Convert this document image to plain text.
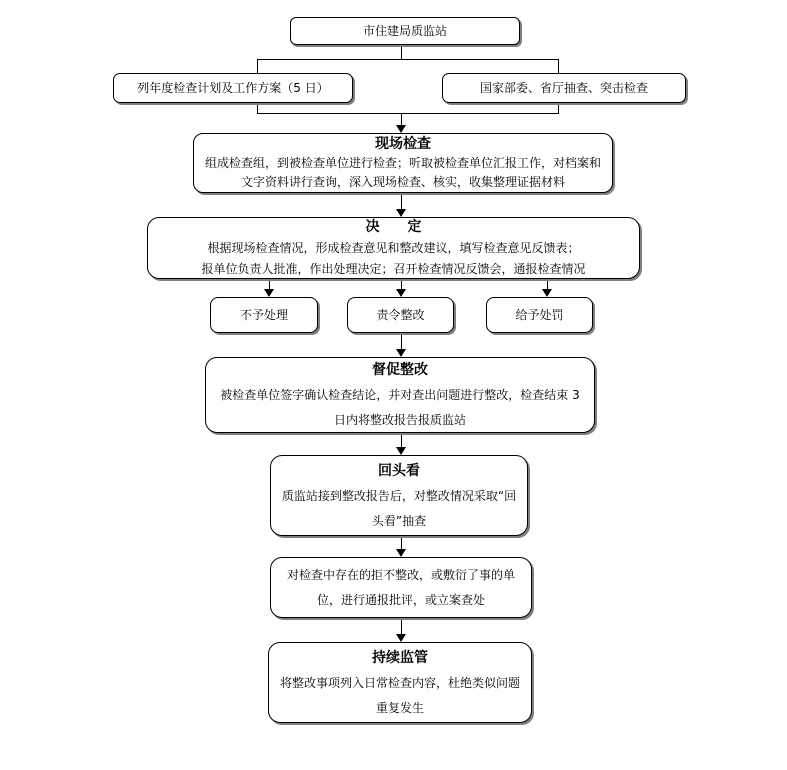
市住建局质监站
列年度检查计划及工作方案（5 日）	国家部委、省厅抽查、突击检查
现场检查
组成检查组，到被检查单位进行检查；听取被检查单位汇报工作，对档案和
文字资料讲行查询，深入现场检查、核实，收集整理证据材料
决　　定
根据现场检查情况，形成检查意见和整改建议，填写检查意见反馈表；
报单位负责人批准，作出处理决定；召开检查情况反馈会，通报检查情况
不予处理	责令整改	给予处罚
督促整改
被检查单位签字确认检查结论，并对查出问题进行整改，检查结束 3
日内将整改报告报质监站
回头看
质监站接到整改报告后，对整改情况采取“回
头看”抽查
对检查中存在的拒不整改，或敷衍了事的单
位，进行通报批评，或立案查处
持续监管
将整改事项列入日常检查内容，杜绝类似问题
重复发生
